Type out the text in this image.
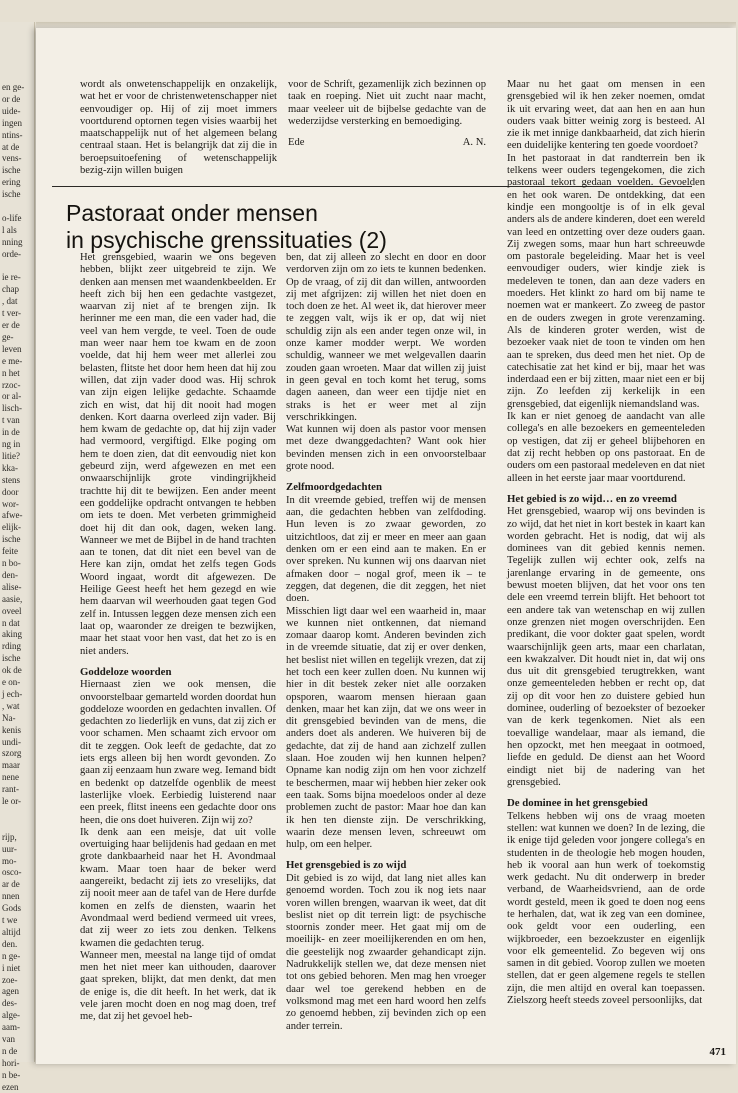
en ge-
or de
uide-
ingen
ntins-
at de
vens-
ische
ering
ische
o-life
l als
nning
orde-
ie re-
chap
, dat
t ver-
er de
ge-
leven
e me-
n het
rzoc-
or al-
lisch-
t van
in de
ng in
litie?
kka-
stens
door
wor-
afwe-
elijk-
ische
feite
n bo-
den-
alise-
aasie,
oveel
n dat
aking
rding
ische
ok de
e on-
j ech-
, wat
Na-
kenis
undi-
szorg
maar
nene
rant-
le or-
rijp,
uur-
mo-
osco-
ar de
nnen
Gods
t we
altijd
den.
n ge-
i niet
zoe-
agen
des-
alge-
aam-
van
n de
hori-
n be-
ezen
471

wordt als onwetenschappelijk en onzakelijk, wat het er voor de christenwetenschapper niet eenvoudiger op. Hij of zij moet immers voortdurend optornen tegen visies waarbij het maatschappelijk nut of het algemeen belang centraal staan. Het is belangrijk dat zij die in beroepsuitoefening of wetenschappelijk bezig-zijn willen buigen

voor de Schrift, gezamenlijk zich bezinnen op taak en roeping. Niet uit zucht naar macht, maar veeleer uit de bijbelse gedachte van de wederzijdse versterking en bemoediging.

Ede	A. N.
Pastoraat onder mensen
in psychische grenssituaties (2)

Het grensgebied, waarin we ons begeven hebben, blijkt zeer uitgebreid te zijn. We denken aan mensen met waandenkbeelden. Er heeft zich bij hen een gedachte vastgezet, waarvan zij niet af te brengen zijn. Ik herinner me een man, die een vader had, die veel van hem vergde, te veel. Toen de oude man weer naar hem toe kwam en de zoon voelde, dat hij hem weer met allerlei zou belasten, flitste het door hem heen dat hij zou willen, dat zijn vader dood was. Hij schrok van zijn eigen lelijke gedachte. Schaamde zich en wist, dat hij dit nooit had mogen denken. Kort daarna overleed zijn vader. Bij hem kwam de gedachte op, dat hij zijn vader had vermoord, vergiftigd. Elke poging om hem te doen zien, dat dit eenvoudig niet kon gebeurd zijn, werd afgewezen en met een onwaarschijnlijk grote vindingrijkheid trachtte hij dit te bewijzen. Een ander meent een goddelijke opdracht ontvangen te hebben om iets te doen. Met verbeten grimmigheid doet hij dit dan ook, dagen, weken lang. Wanneer we met de Bijbel in de hand trachten aan te tonen, dat dit niet een bevel van de Here kan zijn, omdat het zelfs tegen Gods Woord ingaat, wordt dit afgewezen. De Heilige Geest heeft het hem gezegd en wie hem daarvan wil weerhouden gaat tegen God zelf in. Intussen leggen deze mensen zich een laat op, waaronder ze dreigen te bezwijken, maar het staat voor hen vast, dat het zo is en niet anders.

Goddeloze woorden

Hiernaast zien we ook mensen, die onvoorstelbaar gemarteld worden doordat hun goddeloze woorden en gedachten invallen. Of gedachten zo liederlijk en vuns, dat zij zich er voor schamen. Men schaamt zich ervoor om dit te zeggen. Ook leeft de gedachte, dat zo iets ergs alleen bij hen wordt gevonden. Zo gaan zij eenzaam hun zware weg. Iemand bidt en bedenkt op datzelfde ogenblik de meest lasterlijke vloek. Eerbiedig luisterend naar een preek, flitst ineens een gedachte door ons heen, die ons doet huiveren. Zijn wij zo?

Ik denk aan een meisje, dat uit volle overtuiging haar belijdenis had gedaan en met grote dankbaarheid naar het H. Avondmaal kwam. Maar toen haar de beker werd aangereikt, bedacht zij iets zo vreselijks, dat zij nooit meer aan de tafel van de Here durfde komen en zelfs de diensten, waarin het Avondmaal werd bediend vermeed uit vrees, dat zij weer zo iets zou denken. Telkens kwamen die gedachten terug.

Wanneer men, meestal na lange tijd of omdat men het niet meer kan uithouden, daarover gaat spreken, blijkt, dat men denkt, dat men de enige is, die dit heeft. In het werk, dat ik vele jaren mocht doen en nog mag doen, tref me, dat zij het gevoel heb-

ben, dat zij alleen zo slecht en door en door verdorven zijn om zo iets te kunnen bedenken. Op de vraag, of zij dit dan willen, antwoorden zij met afgrijzen: zij willen het niet doen en toch doen ze het. Al weet ik, dat hierover meer te zeggen valt, wijs ik er op, dat wij niet schuldig zijn als een ander tegen onze wil, in onze kamer modder werpt. We worden schuldig, wanneer we met welgevallen daarin zouden gaan wroeten. Maar dat willen zij juist in geen geval en toch komt het terug, soms dagen aaneen, dan weer een tijdje niet en straks is het er weer met al zijn verschrikkingen.

Wat kunnen wij doen als pastor voor mensen met deze dwanggedachten? Want ook hier bevinden mensen zich in een onvoorstelbaar grote nood.

Zelfmoordgedachten

In dit vreemde gebied, treffen wij de mensen aan, die gedachten hebben van zelfdoding. Hun leven is zo zwaar geworden, zo uitzichtloos, dat zij er meer en meer aan gaan denken om er een eind aan te maken. En er over spreken. Nu kunnen wij ons daarvan niet afmaken door – nogal grof, meen ik – te zeggen, dat degenen, die dit zeggen, het niet doen.

Misschien ligt daar wel een waarheid in, maar we kunnen niet ontkennen, dat niemand zomaar daarop komt. Anderen bevinden zich in de vreemde situatie, dat zij er over denken, het beslist niet willen en tegelijk vrezen, dat zij het toch een keer zullen doen. Nu kunnen wij hier in dit bestek zeker niet alle oorzaken opsporen, waarom mensen hieraan gaan denken, maar het kan zijn, dat we ons weer in dit grensgebied bevinden van de mens, die anders doet als anderen. We huiveren bij de gedachte, dat zij de hand aan zichzelf zullen slaan. Hoe zouden wij hen kunnen helpen? Opname kan nodig zijn om hen voor zichzelf te beschermen, maar wij hebben hier zeker ook een taak. Soms bijna moedeloos onder al deze problemen zucht de pastor: Maar hoe dan kan ik hen ten dienste zijn. De verschrikking, waarin deze mensen leven, schreeuwt om hulp, om een helper.

Het grensgebied is zo wijd

Dit gebied is zo wijd, dat lang niet alles kan genoemd worden. Toch zou ik nog iets naar voren willen brengen, waarvan ik weet, dat dit beslist niet op dit terrein ligt: de psychische stoornis zonder meer. Het gaat mij om de moeilijk- en zeer moeilijkerenden en om hen, die geestelijk nog zwaarder gehandicapt zijn. Nadrukkelijk stellen we, dat deze mensen niet tot ons gebied behoren. Men mag hen vroeger daar wel toe gerekend hebben en de volksmond mag met een hard woord hen zelfs zo genoemd hebben, zij bevinden zich op een ander terrein.

Maar nu het gaat om mensen in een grensgebied wil ik hen zeker noemen, omdat ik uit ervaring weet, dat aan hen en aan hun ouders vaak bitter weinig zorg is besteed. Al zie ik met innige dankbaarheid, dat zich hierin een duidelijke kentering ten goede voordoet?

In het pastoraat in dat randterrein ben ik telkens weer ouders tegengekomen, die zich pastoraal tekort gedaan voelden. Gevoelden en het ook waren. De ontdekking, dat een kindje een mongooltje is of in elk geval anders als de andere kinderen, doet een wereld van leed en ontzetting over deze ouders gaan. Zij zwegen soms, maar hun hart schreeuwde om pastorale begeleiding. Maar het is veel eenvoudiger ouders, wier kindje ziek is medeleven te tonen, dan aan deze vaders en moeders. Het klinkt zo hard om bij name te noemen wat er mankeert. Zo zweeg de pastor en de ouders zwegen in grote verenzaming. Als de kinderen groter werden, wist de bezoeker vaak niet de toon te vinden om hen aan te spreken, dus deed men het niet. Op de catechisatie zat het kind er bij, maar het was inderdaad een er bij zitten, maar niet een er bij zijn. Zo leefden zij kerkelijk in een grensgebied, dat eigenlijk niemandsland was.

Ik kan er niet genoeg de aandacht van alle collega's en alle bezoekers en gemeenteleden op vestigen, dat zij er geheel blijbehoren en dat zij recht hebben op ons pastoraat. En de ouders om een pastoraal medeleven en dat niet alleen in het eerste jaar maar voortdurend.

Het gebied is zo wijd… en zo vreemd

Het grensgebied, waarop wij ons bevinden is zo wijd, dat het niet in kort bestek in kaart kan worden gebracht. Het is nodig, dat wij als dominees van dit gebied kennis nemen. Tegelijk zullen wij echter ook, zelfs na jarenlange ervaring in de gemeente, ons bewust moeten blijven, dat het voor ons ten dele een vreemd terrein blijft. Het behoort tot een andere tak van wetenschap en wij zullen onze grenzen niet mogen overschrijden. Een predikant, die voor dokter gaat spelen, wordt waarschijnlijk geen arts, maar een charlatan, een kwakzalver. Dit houdt niet in, dat wij ons dus uit dit grensgebied terugtrekken, want onze gemeenteleden hebben er recht op, dat zij op dit voor hen zo duistere gebied hun dominee, ouderling of bezoekster of bezoeker van de kerk tegenkomen. Niet als een toevallige wandelaar, maar als iemand, die hen opzockt, met hen meegaat in ootmoed, liefde en geduld. De dienst aan het Woord eindigt niet bij de nadering van het grensgebied.

De dominee in het grensgebied

Telkens hebben wij ons de vraag moeten stellen: wat kunnen we doen? In de lezing, die ik enige tijd geleden voor jongere collega's en studenten in de theologie heb mogen houden, heb ik vooral aan hun werk of toekomstig werk gedacht. Nu dit onderwerp in breder verband, de Waarheidsvriend, aan de orde wordt gesteld, meen ik goed te doen nog eens te herhalen, dat, wat ik zeg van een dominee, ook geldt voor een ouderling, een wijkbroeder, een bezoekzuster en eigenlijk voor elk gemeentelid. Zo begeven wij ons samen in dit gebied. Voorop zullen we moeten stellen, dat er geen algemene regels te stellen zijn, die men altijd en overal kan toepassen. Zielszorg heeft steeds zoveel persoonlijks, dat
